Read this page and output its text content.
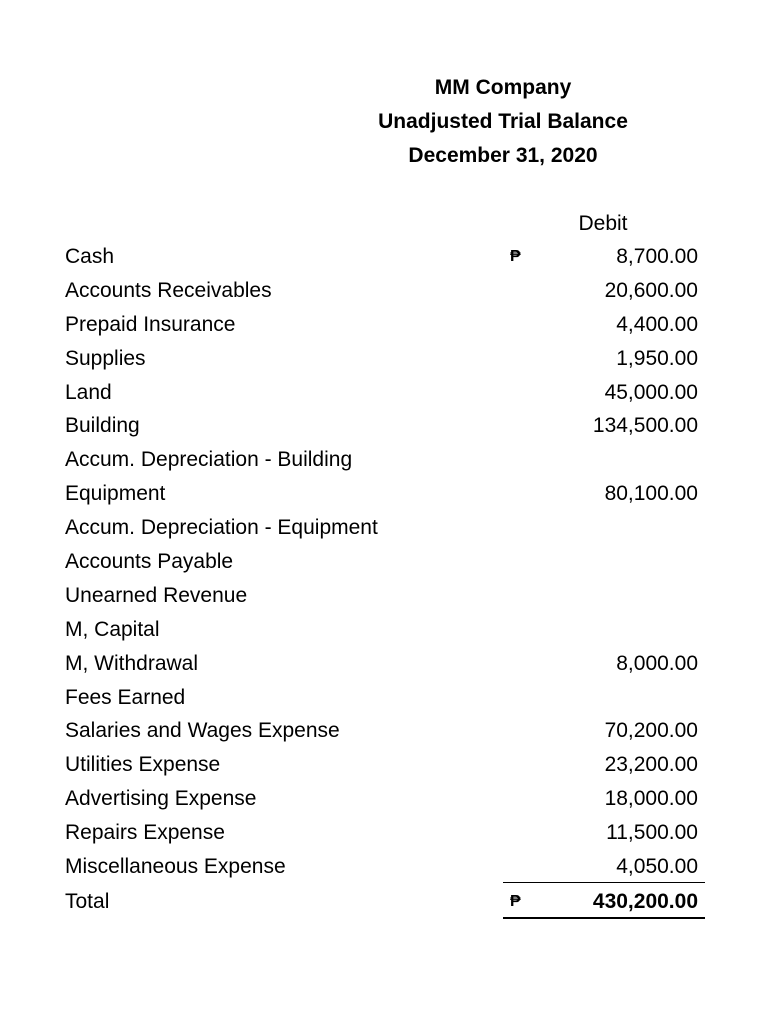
MM Company
Unadjusted Trial Balance
December 31, 2020
Debit
Cash	₱	8,700.00
Accounts Receivables	20,600.00
Prepaid Insurance	4,400.00
Supplies	1,950.00
Land	45,000.00
Building	134,500.00
Accum. Depreciation - Building
Equipment	80,100.00
Accum. Depreciation - Equipment
Accounts Payable
Unearned Revenue
M, Capital
M, Withdrawal	8,000.00
Fees Earned
Salaries and Wages Expense	70,200.00
Utilities Expense	23,200.00
Advertising Expense	18,000.00
Repairs Expense	11,500.00
Miscellaneous Expense	4,050.00
Total	₱	430,200.00
